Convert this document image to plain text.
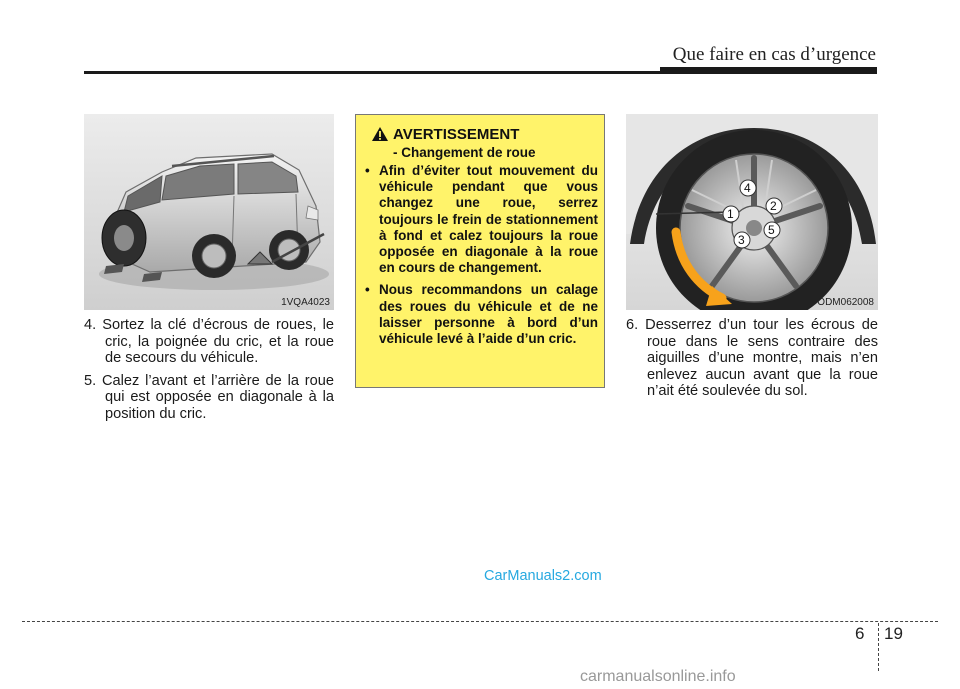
Que faire en cas d’urgence
1VQA4023

4. Sortez la clé d’écrous de roues, le cric, la poignée du cric, et la roue de secours du véhicule.

5. Calez l’avant et l’arrière de la roue qui est opposée en diagonale à la position du cric.

AVERTISSEMENT
- Changement de roue
• Afin d’éviter tout mouvement du véhicule pendant que vous changez une roue, serrez toujours le frein de stationnement à fond et calez toujours la roue opposée en diagonale à la roue en cours de changement.
• Nous recommandons un calage des roues du véhicule et de ne laisser personne à bord d’un véhicule levé à l’aide d’un cric.
1
2
3
4
5
ODM062008

6. Desserrez d’un tour les écrous de roue dans le sens contraire des aiguilles d’une montre, mais n’en enlevez aucun avant que la roue n’ait été soulevée du sol.

CarManuals2.com
6 19
carmanualsonline.info
